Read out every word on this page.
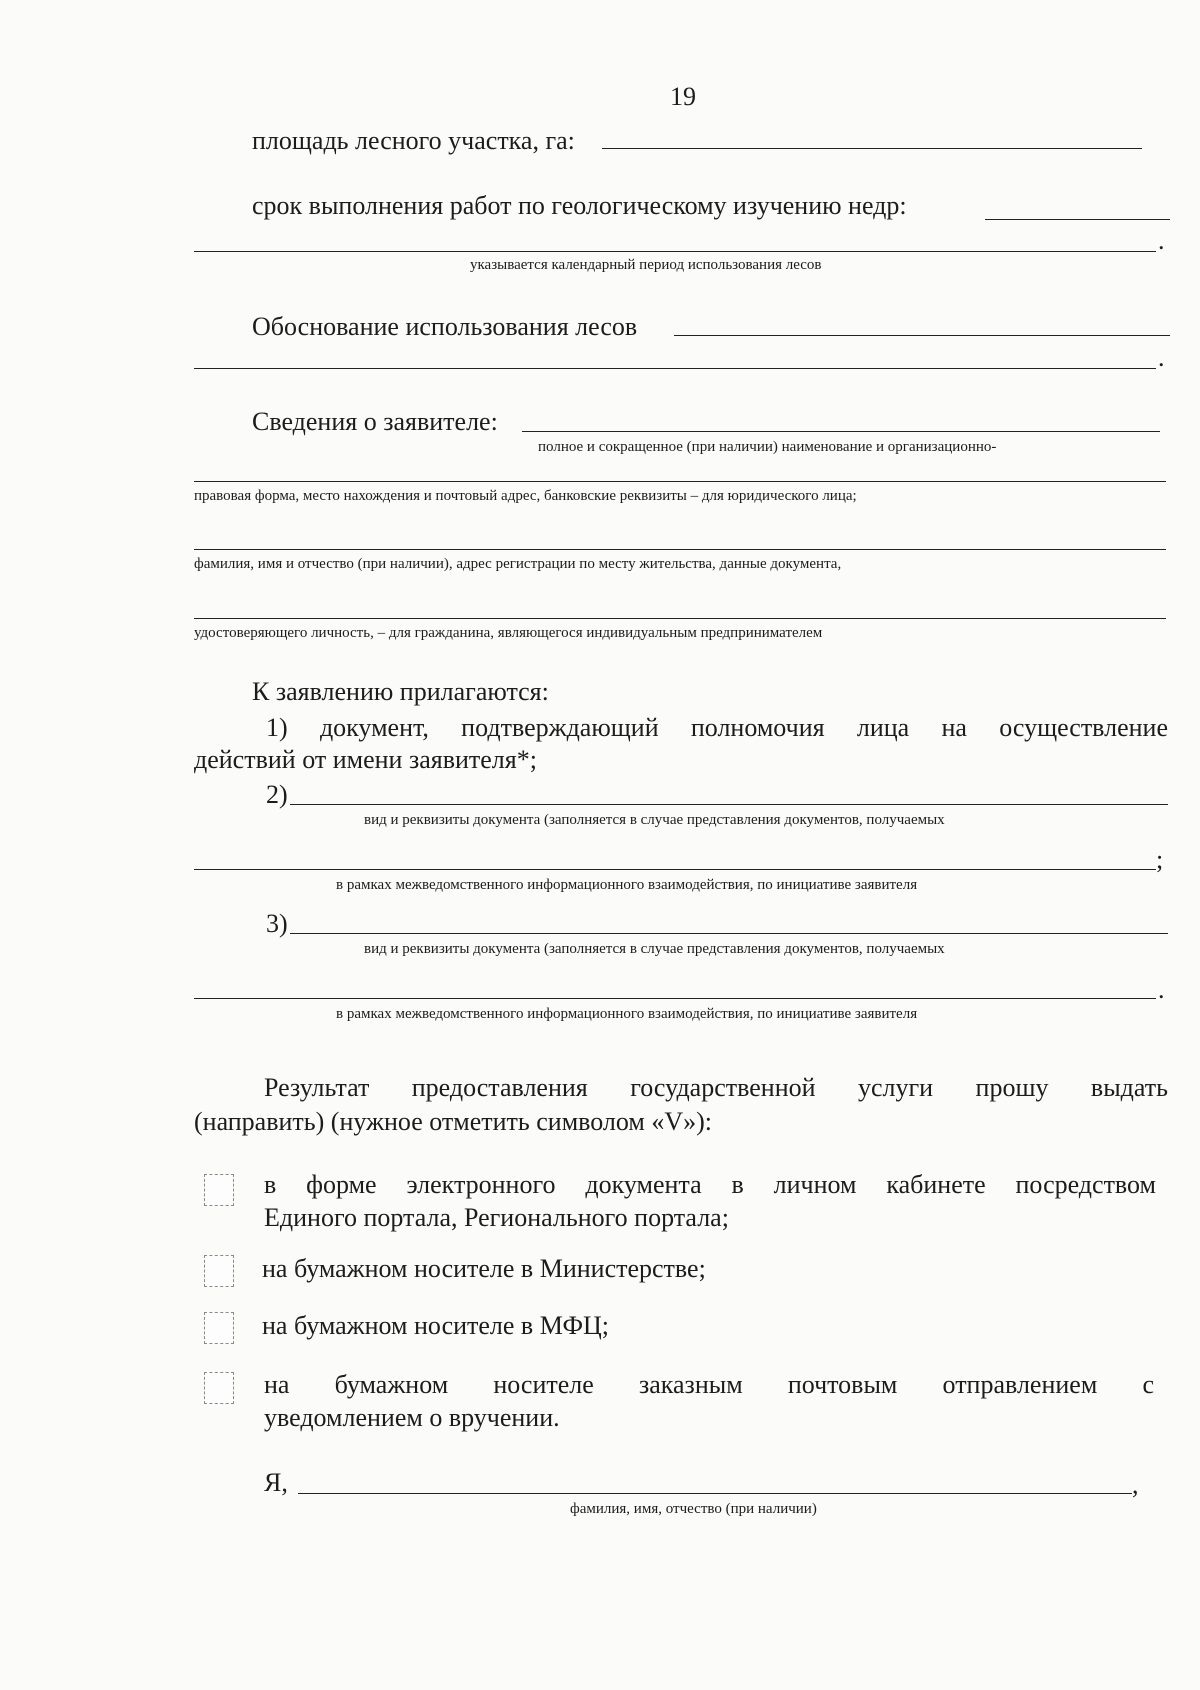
19
площадь лесного участка, га:
срок выполнения работ по геологическому изучению недр:
.
указывается календарный период использования лесов
Обоснование использования лесов
.
Сведения о заявителе:
полное и сокращенное (при наличии) наименование и организационно-
правовая форма, место нахождения и почтовый адрес, банковские реквизиты – для юридического лица;
фамилия, имя и отчество (при наличии), адрес регистрации по месту жительства, данные документа,
удостоверяющего личность, – для гражданина, являющегося индивидуальным предпринимателем
К заявлению прилагаются:
1) документ, подтверждающий полномочия лица на осуществление
действий от имени заявителя*;
2)
вид и реквизиты документа (заполняется в случае представления документов, получаемых
;
в рамках межведомственного информационного взаимодействия, по инициативе заявителя
3)
вид и реквизиты документа (заполняется в случае представления документов, получаемых
.
в рамках межведомственного информационного взаимодействия, по инициативе заявителя
Результат предоставления государственной услуги прошу выдать
(направить) (нужное отметить символом «V»):
в форме электронного документа в личном кабинете посредством
Единого портала, Регионального портала;
на бумажном носителе в Министерстве;
на бумажном носителе в МФЦ;
на бумажном носителе заказным почтовым отправлением с
уведомлением о вручении.
Я,	,
фамилия, имя, отчество (при наличии)
